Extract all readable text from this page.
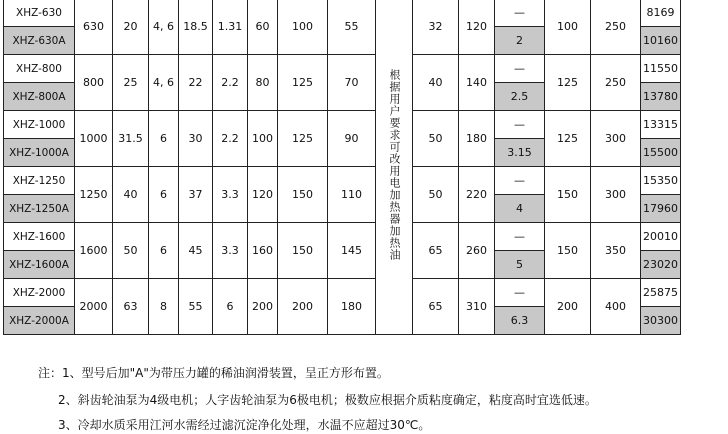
XHZ-630	630	20	4, 6	18.5	1.31	60	100	55	根据用户要求可改用电加热器加热油	32	120	—	100	250	8169
XHZ-630A												2			10160
XHZ-800	800	25	4, 6	22	2.2	80	125	70		40	140	—	125	250	11550
XHZ-800A												2.5			13780
XHZ-1000	1000	31.5	6	30	2.2	100	125	90		50	180	—	125	300	13315
XHZ-1000A												3.15			15500
XHZ-1250	1250	40	6	37	3.3	120	150	110		50	220	—	150	300	15350
XHZ-1250A												4			17960
XHZ-1600	1600	50	6	45	3.3	160	150	145		65	260	—	150	350	20010
XHZ-1600A												5			23020
XHZ-2000	2000	63	8	55	6	200	200	180		65	310	—	200	400	25875
XHZ-2000A												6.3			30300
注：1、型号后加"A"为带压力罐的稀油润滑装置，呈正方形布置。
2、斜齿轮油泵为4级电机；人字齿轮油泵为6极电机；极数应根据介质粘度确定，粘度高时宜选低速。
3、冷却水质采用江河水需经过滤沉淀净化处理，水温不应超过30℃。
